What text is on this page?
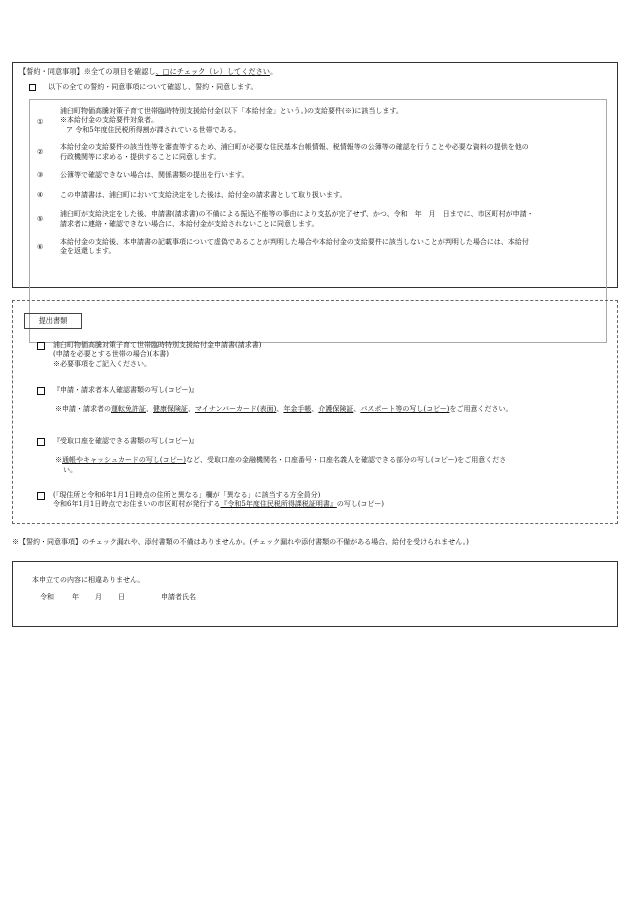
【誓約・同意事項】※全ての項目を確認し、□にチェック（レ）してください。
以下の全ての誓約・同意事項について確認し、誓約・同意します。
①
浦臼町物価高騰対策子育て世帯臨時特別支援給付金(以下「本給付金」という。)の支給要件(※)に該当します。
※本給付金の支給要件対象者。
ア 令和5年度住民税所得割が課されている世帯である。
②
本給付金の支給要件の該当性等を審査等するため、浦臼町が必要な住民基本台帳情報、税情報等の公簿等の確認を行うことや必要な資料の提供を他の
行政機関等に求める・提供することに同意します。
③ 公簿等で確認できない場合は、関係書類の提出を行います。
④ この申請書は、浦臼町において支給決定をした後は、給付金の請求書として取り扱います。
⑤
浦臼町が支給決定をした後、申請書(請求書)の不備による振込不能等の事由により支払が完了せず、かつ、令和　年　月　日までに、市区町村が申請・
請求者に連絡・確認できない場合に、本給付金が支給されないことに同意します。
⑥
本給付金の支給後、本申請書の記載事項について虚偽であることが判明した場合や本給付金の支給要件に該当しないことが判明した場合には、本給付
金を返還します。
提出書類
浦臼町物価高騰対策子育て世帯臨時特別支援給付金申請書(請求書)
(申請を必要とする世帯の場合)(本書)
※必要事項をご記入ください。
『申請・請求者本人確認書類の写し(コピー)』
※申請・請求者の運転免許証、健康保険証、マイナンバーカード(表面)、年金手帳、介護保険証、パスポート等の写し(コピー)をご用意ください。
『受取口座を確認できる書類の写し(コピー)』
※通帳やキャッシュカードの写し(コピー)など、受取口座の金融機関名・口座番号・口座名義人を確認できる部分の写し(コピー)をご用意くださ
い。
(「現住所と令和6年1月1日時点の住所と異なる」欄が「異なる」に該当する方全員分)
令和6年1月1日時点でお住まいの市区町村が発行する『令和5年度住民税所得課税証明書』の写し(コピー)
※【誓約・同意事項】のチェック漏れや、添付書類の不備はありませんか。(チェック漏れや添付書類の不備がある場合、給付を受けられません。)
本申立ての内容に相違ありません。
令和	年 月 日	申請者氏名
